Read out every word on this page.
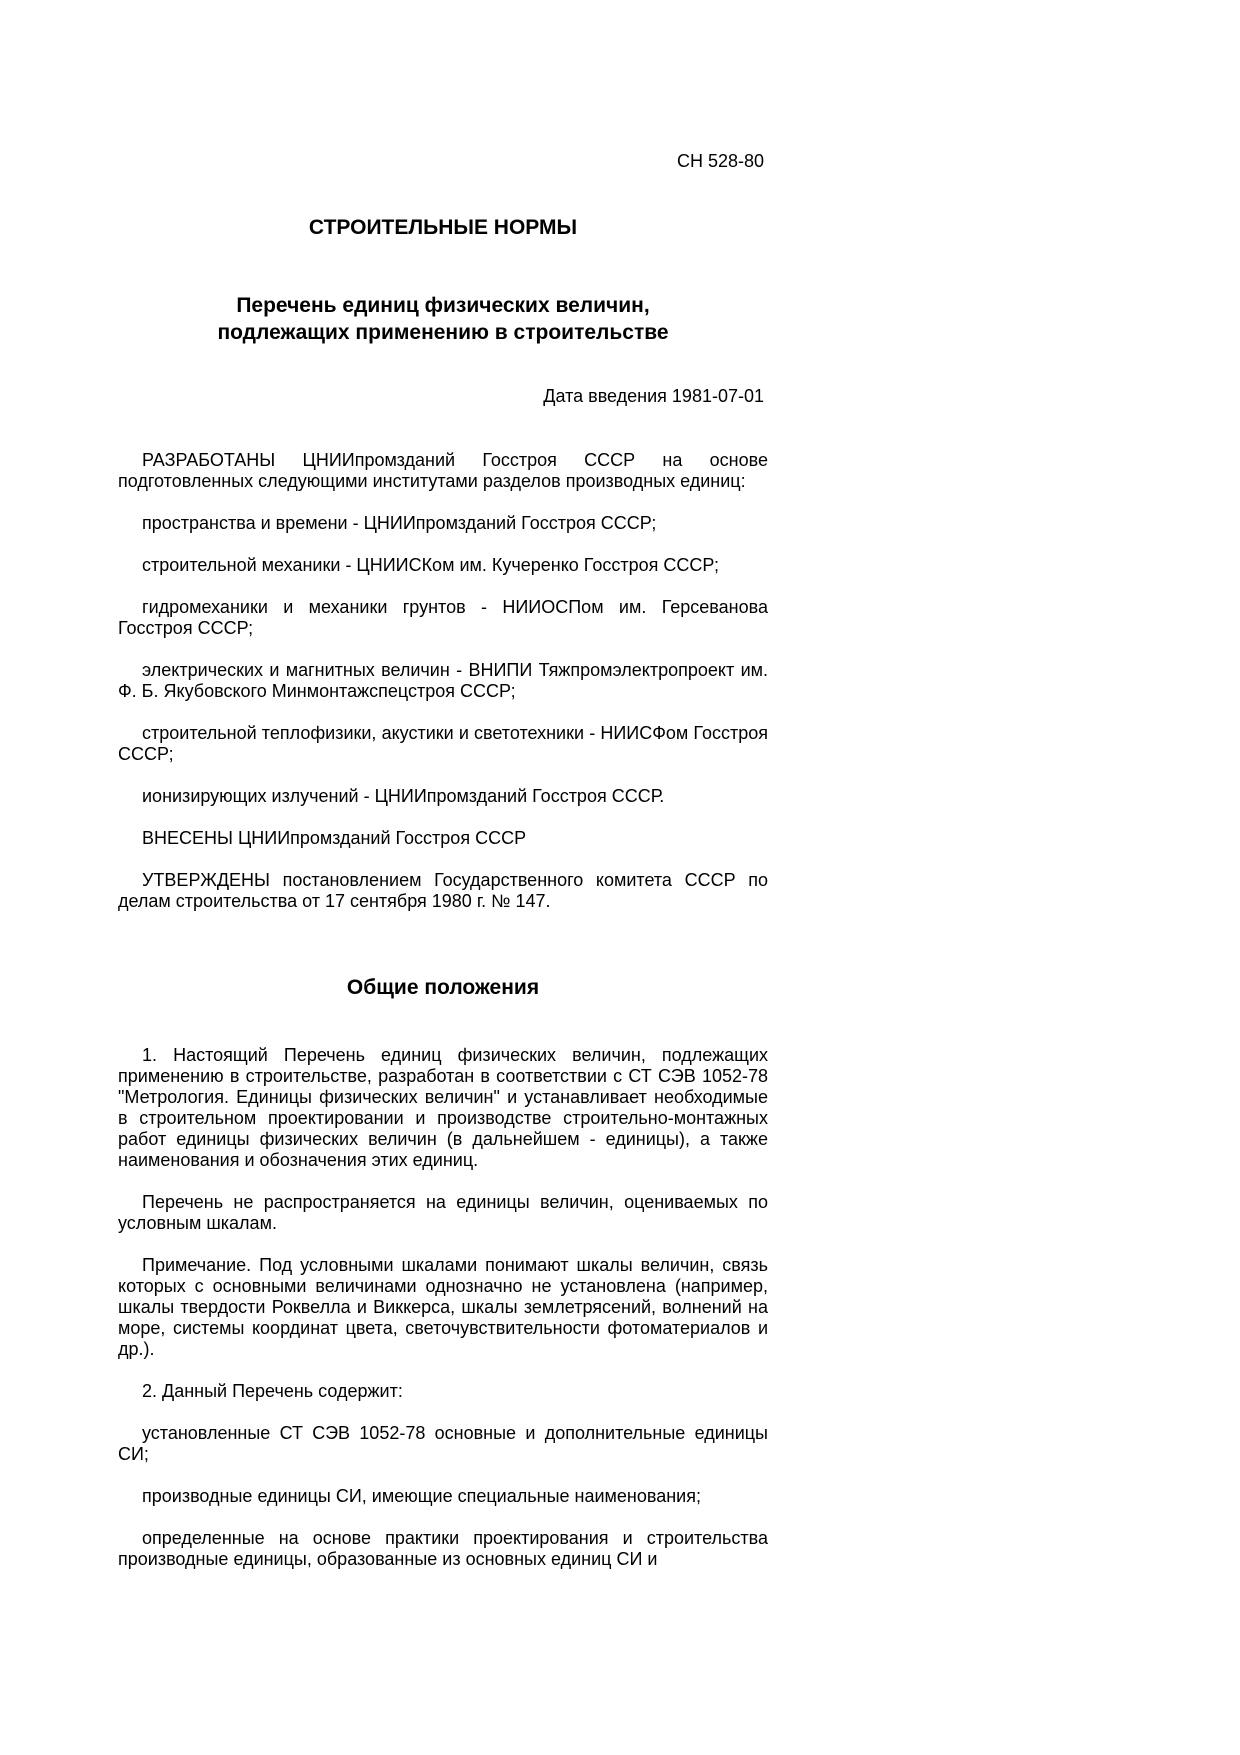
СН 528-80
СТРОИТЕЛЬНЫЕ НОРМЫ
Перечень единиц физических величин,
подлежащих применению в строительстве
Дата введения 1981-07-01

РАЗРАБОТАНЫ ЦНИИпромзданий Госстроя СССР на основе подготовленных следующими институтами разделов производных единиц:

пространства и времени - ЦНИИпромзданий Госстроя СССР;

строительной механики - ЦНИИСКом им. Кучеренко Госстроя СССР;

гидромеханики и механики грунтов - НИИОСПом им. Герсеванова Госстроя СССР;

электрических и магнитных величин - ВНИПИ Тяжпромэлектропроект им. Ф. Б. Якубовского Минмонтажспецстроя СССР;

строительной теплофизики, акустики и светотехники - НИИСФом Госстроя СССР;

ионизирующих излучений - ЦНИИпромзданий Госстроя СССР.

ВНЕСЕНЫ ЦНИИпромзданий Госстроя СССР

УТВЕРЖДЕНЫ постановлением Государственного комитета СССР по делам строительства от 17 сентября 1980 г. № 147.

Общие положения

1. Настоящий Перечень единиц физических величин, подлежащих применению в строительстве, разработан в соответствии с СТ СЭВ 1052-78 "Метрология. Единицы физических величин" и устанавливает необходимые в строительном проектировании и производстве строительно-монтажных работ единицы физических величин (в дальнейшем - единицы), а также наименования и обозначения этих единиц.

Перечень не распространяется на единицы величин, оцениваемых по условным шкалам.

Примечание. Под условными шкалами понимают шкалы величин, связь которых с основными величинами однозначно не установлена (например, шкалы твердости Роквелла и Виккерса, шкалы землетрясений, волнений на море, системы координат цвета, светочувствительности фотоматериалов и др.).

2. Данный Перечень содержит:

установленные СТ СЭВ 1052-78 основные и дополнительные единицы СИ;

производные единицы СИ, имеющие специальные наименования;

определенные на основе практики проектирования и строительства производные единицы, образованные из основных единиц СИ и
